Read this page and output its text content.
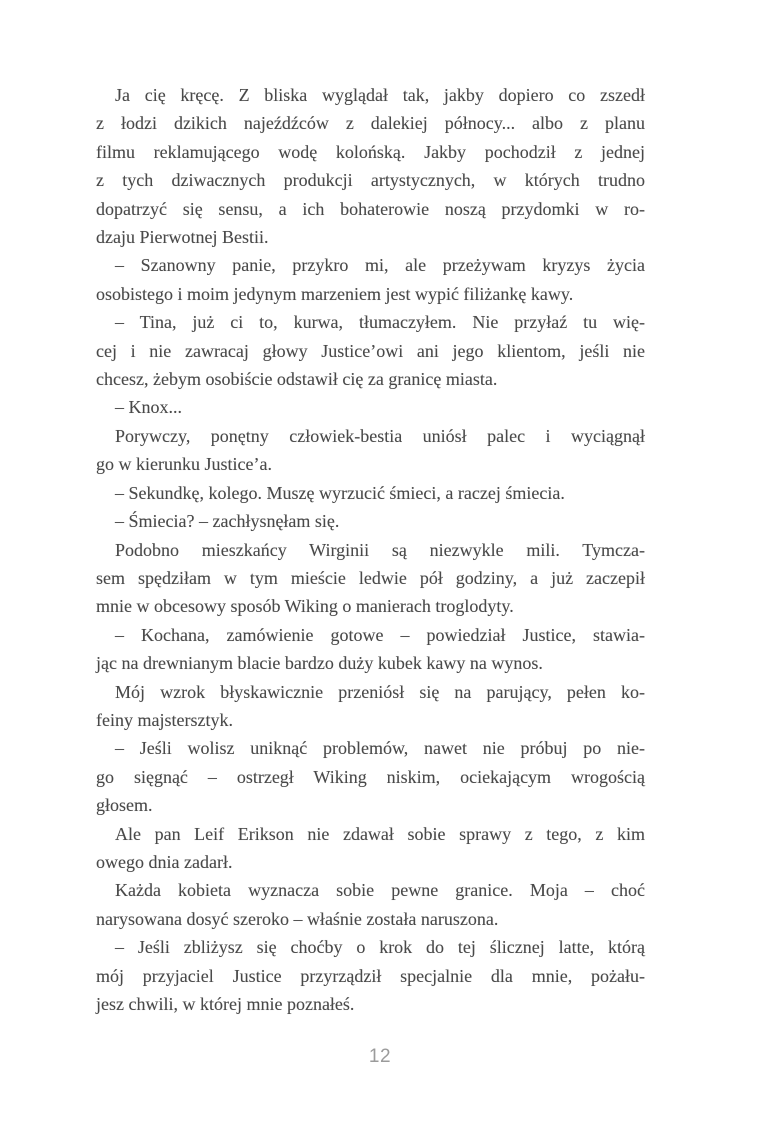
Ja cię kręcę. Z bliska wyglądał tak, jakby dopiero co zszedł
z łodzi dzikich najeźdźców z dalekiej północy... albo z planu
filmu reklamującego wodę kolońską. Jakby pochodził z jednej
z tych dziwacznych produkcji artystycznych, w których trudno
dopatrzyć się sensu, a ich bohaterowie noszą przydomki w ro-
dzaju Pierwotnej Bestii.
– Szanowny panie, przykro mi, ale przeżywam kryzys życia
osobistego i moim jedynym marzeniem jest wypić filiżankę kawy.
– Tina, już ci to, kurwa, tłumaczyłem. Nie przyłaź tu wię-
cej i nie zawracaj głowy Justice’owi ani jego klientom, jeśli nie
chcesz, żebym osobiście odstawił cię za granicę miasta.
– Knox...
Porywczy, ponętny człowiek-bestia uniósł palec i wyciągnął
go w kierunku Justice’a.
– Sekundkę, kolego. Muszę wyrzucić śmieci, a raczej śmiecia.
– Śmiecia? – zachłysnęłam się.
Podobno mieszkańcy Wirginii są niezwykle mili. Tymcza-
sem spędziłam w tym mieście ledwie pół godziny, a już zaczepił
mnie w obcesowy sposób Wiking o manierach troglodyty.
– Kochana, zamówienie gotowe – powiedział Justice, stawia-
jąc na drewnianym blacie bardzo duży kubek kawy na wynos.
Mój wzrok błyskawicznie przeniósł się na parujący, pełen ko-
feiny majstersztyk.
– Jeśli wolisz uniknąć problemów, nawet nie próbuj po nie-
go sięgnąć – ostrzegł Wiking niskim, ociekającym wrogością
głosem.
Ale pan Leif Erikson nie zdawał sobie sprawy z tego, z kim
owego dnia zadarł.
Każda kobieta wyznacza sobie pewne granice. Moja – choć
narysowana dosyć szeroko – właśnie została naruszona.
– Jeśli zbliżysz się choćby o krok do tej ślicznej latte, którą
mój przyjaciel Justice przyrządził specjalnie dla mnie, pożału-
jesz chwili, w której mnie poznałeś.
12
